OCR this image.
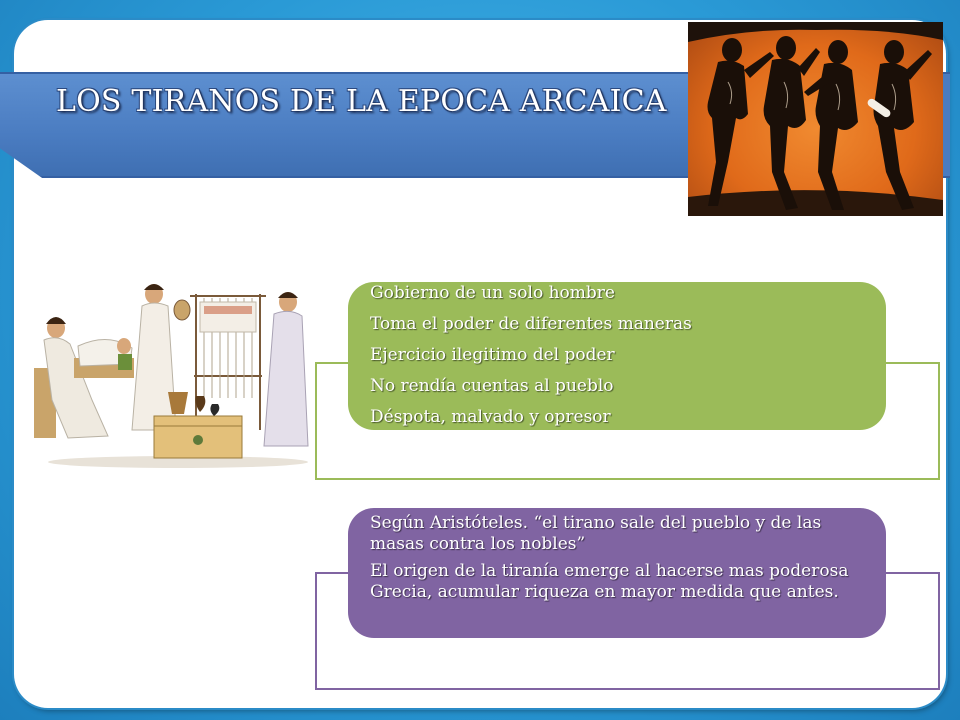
LOS TIRANOS DE LA EPOCA ARCAICA
Gobierno de un solo hombre
Toma el poder de diferentes maneras
Ejercicio ilegitimo del poder
No rendía cuentas al pueblo
Déspota, malvado y opresor

Según Aristóteles. “el tirano sale del pueblo y de las masas contra los nobles”

El origen de la tiranía emerge al hacerse mas poderosa Grecia, acumular riqueza en mayor medida que antes.
